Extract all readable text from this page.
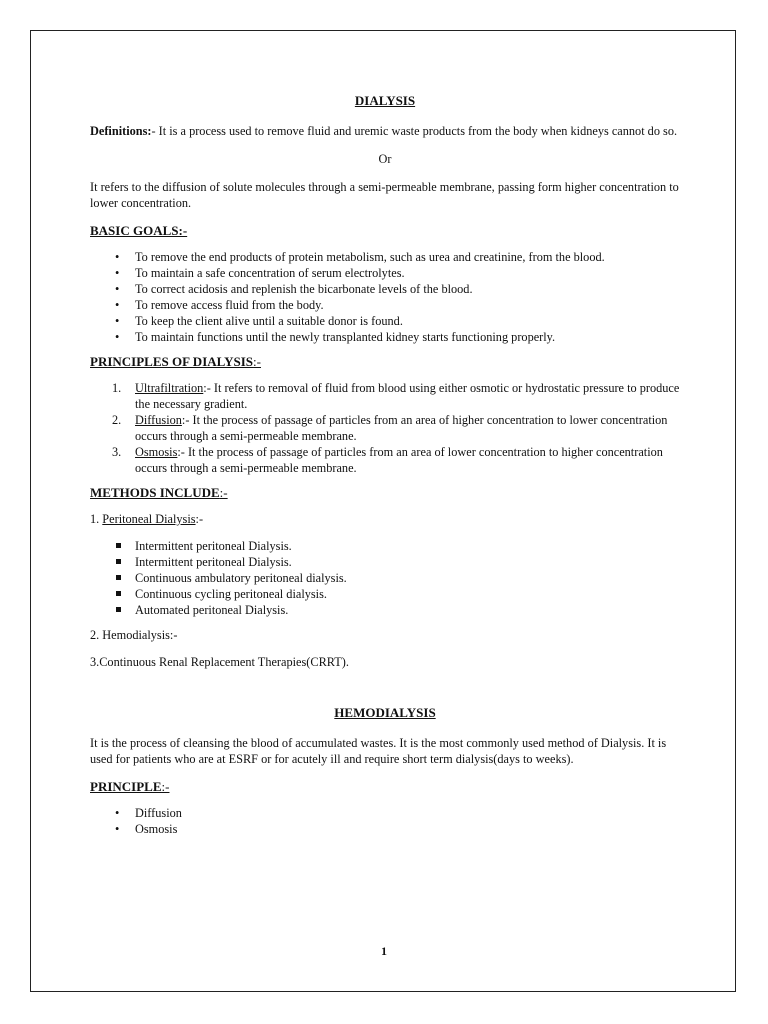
DIALYSIS

Definitions:- It is a process used to remove fluid and uremic waste products from the body when kidneys cannot do so.

Or

It refers to the diffusion of solute molecules through a semi-permeable membrane, passing form higher concentration to lower concentration.

BASIC GOALS:-
• To remove the end products of protein metabolism, such as urea and creatinine, from the blood.
• To maintain a safe concentration of serum electrolytes.
• To correct acidosis and replenish the bicarbonate levels of the blood.
• To remove access fluid from the body.
• To keep the client alive until a suitable donor is found.
• To maintain functions until the newly transplanted kidney starts functioning properly.
PRINCIPLES OF DIALYSIS:-
1.	Ultrafiltration:- It refers to removal of fluid from blood using either osmotic or hydrostatic pressure to produce the necessary gradient.
2.	Diffusion:- It the process of passage of particles from an area of higher concentration to lower concentration occurs through a semi-permeable membrane.
3.	Osmosis:- It the process of passage of particles from an area of lower concentration to higher concentration occurs through a semi-permeable membrane.
METHODS INCLUDE:-

1. Peritoneal Dialysis:-

Intermittent peritoneal Dialysis.
Intermittent peritoneal Dialysis.
Continuous ambulatory peritoneal dialysis.
Continuous cycling peritoneal dialysis.
Automated peritoneal Dialysis.

2. Hemodialysis:-

3.Continuous Renal Replacement Therapies(CRRT).

HEMODIALYSIS

It is the process of cleansing the blood of accumulated wastes. It is the most commonly used method of Dialysis. It is used for patients who are at ESRF or for acutely ill and require short term dialysis(days to weeks).

PRINCIPLE:-
• Diffusion
• Osmosis
1
